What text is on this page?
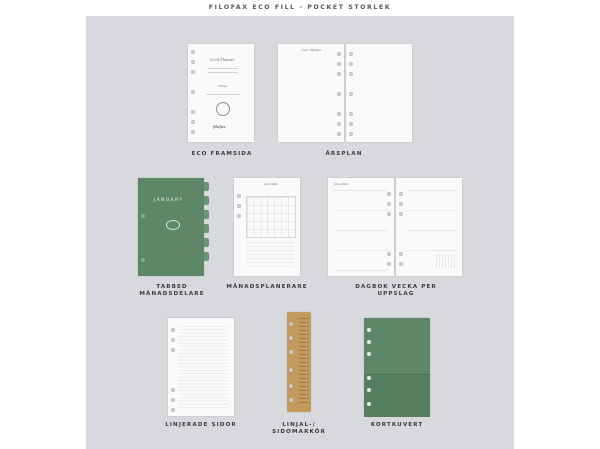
FILOFAX ECO FILL - POCKET STORLEK
2024 Planner
Notes
filofax
ECO FRAMSIDA
Year Planner
ÅRSPLAN
JANUARY
TABBED
MÅNADSDELARE
Jan 2024
MÅNADSPLANERARE
Jan 2024
DAGBOK VECKA PER UPPSLAG
LINJERADE SIDOR	LINJAL-/
SIDOMARKÖR
KORTKUVERT
